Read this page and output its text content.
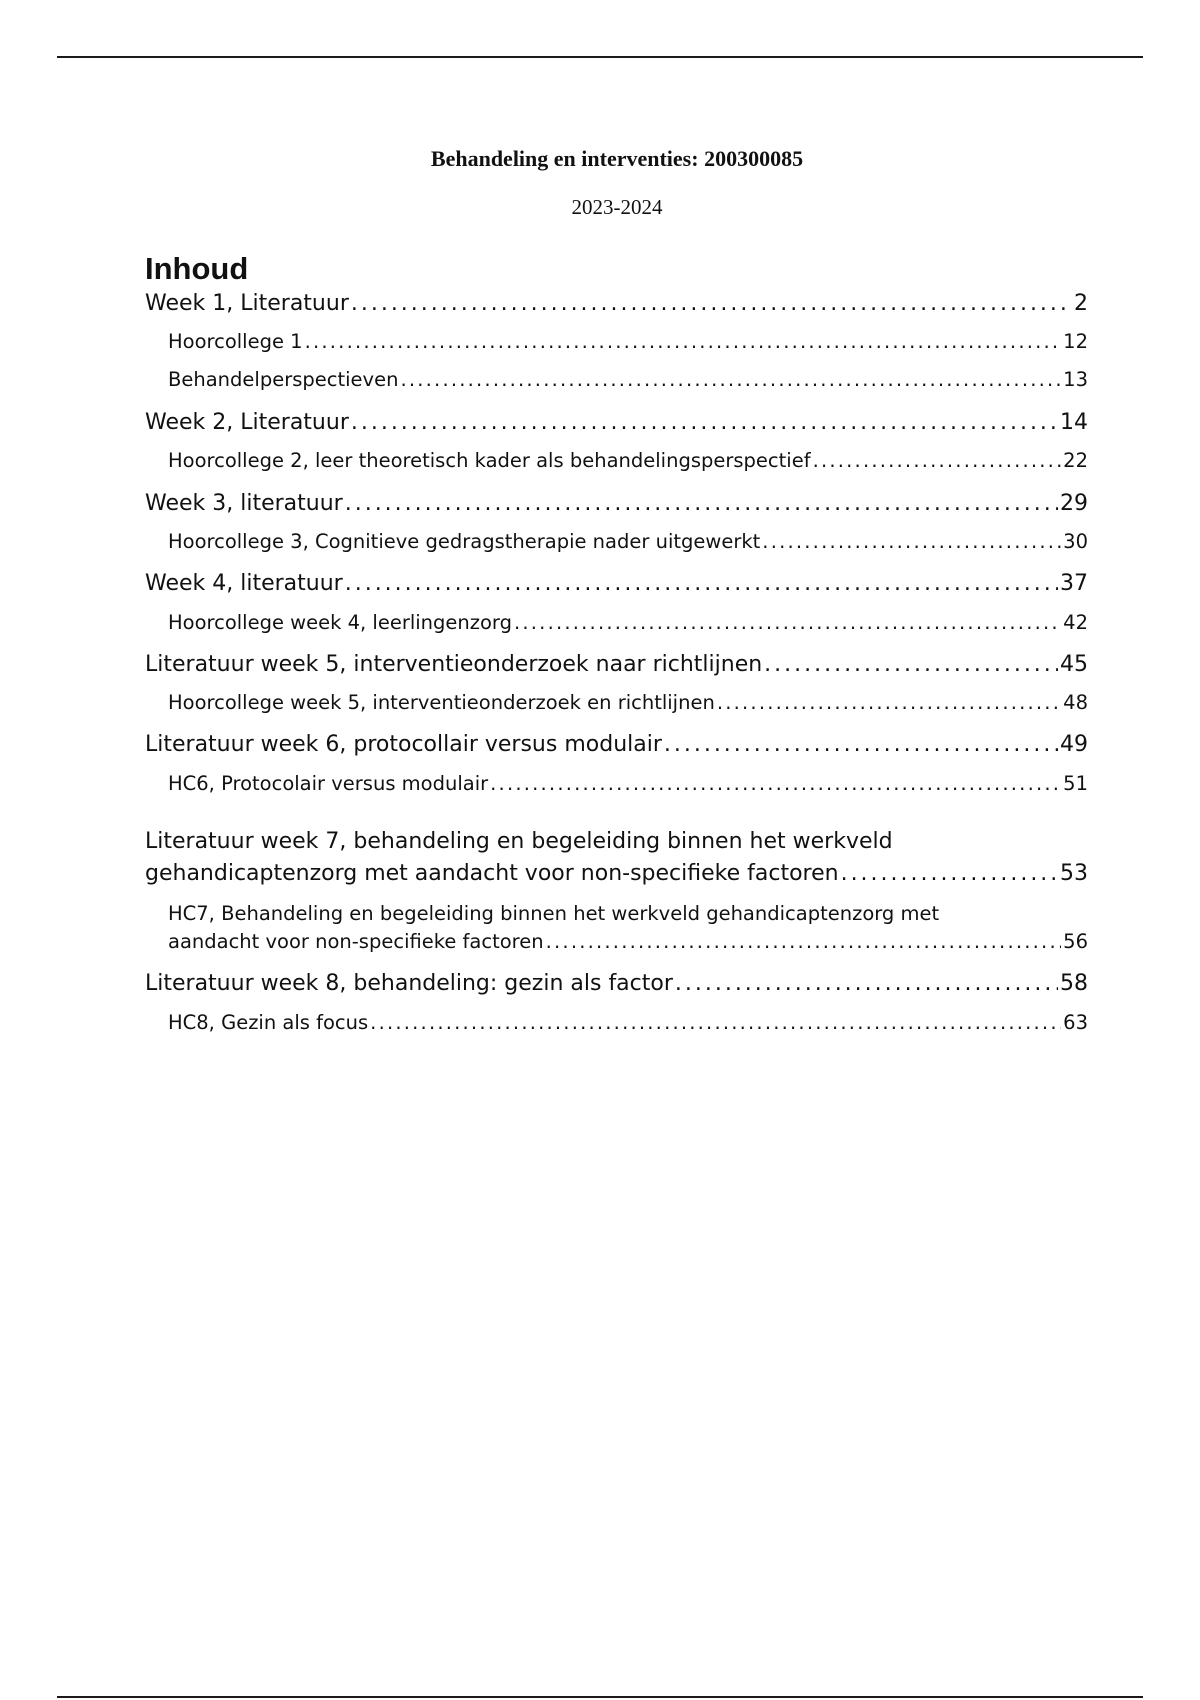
Behandeling en interventies: 200300085
2023-2024
Inhoud
Week 1, Literatuur . . .	2
Hoorcollege 1 . . .	12
Behandelperspectieven . . .	13
Week 2, Literatuur . . .	14
Hoorcollege 2, leer theoretisch kader als behandelingsperspectief . . .	22
Week 3, literatuur . . .	29
Hoorcollege 3, Cognitieve gedragstherapie nader uitgewerkt . . .	30
Week 4, literatuur . . .	37
Hoorcollege week 4, leerlingenzorg . . .	42
Literatuur week 5, interventieonderzoek naar richtlijnen . . .	45
Hoorcollege week 5, interventieonderzoek en richtlijnen . . .	48
Literatuur week 6, protocollair versus modulair . . .	49
HC6, Protocolair versus modulair . . .	51
Literatuur week 7, behandeling en begeleiding binnen het werkveld
gehandicaptenzorg met aandacht voor non-specifieke factoren . . .	53
HC7, Behandeling en begeleiding binnen het werkveld gehandicaptenzorg met
aandacht voor non-specifieke factoren . . .	56
Literatuur week 8, behandeling: gezin als factor . . .	58
HC8, Gezin als focus . . .	63
